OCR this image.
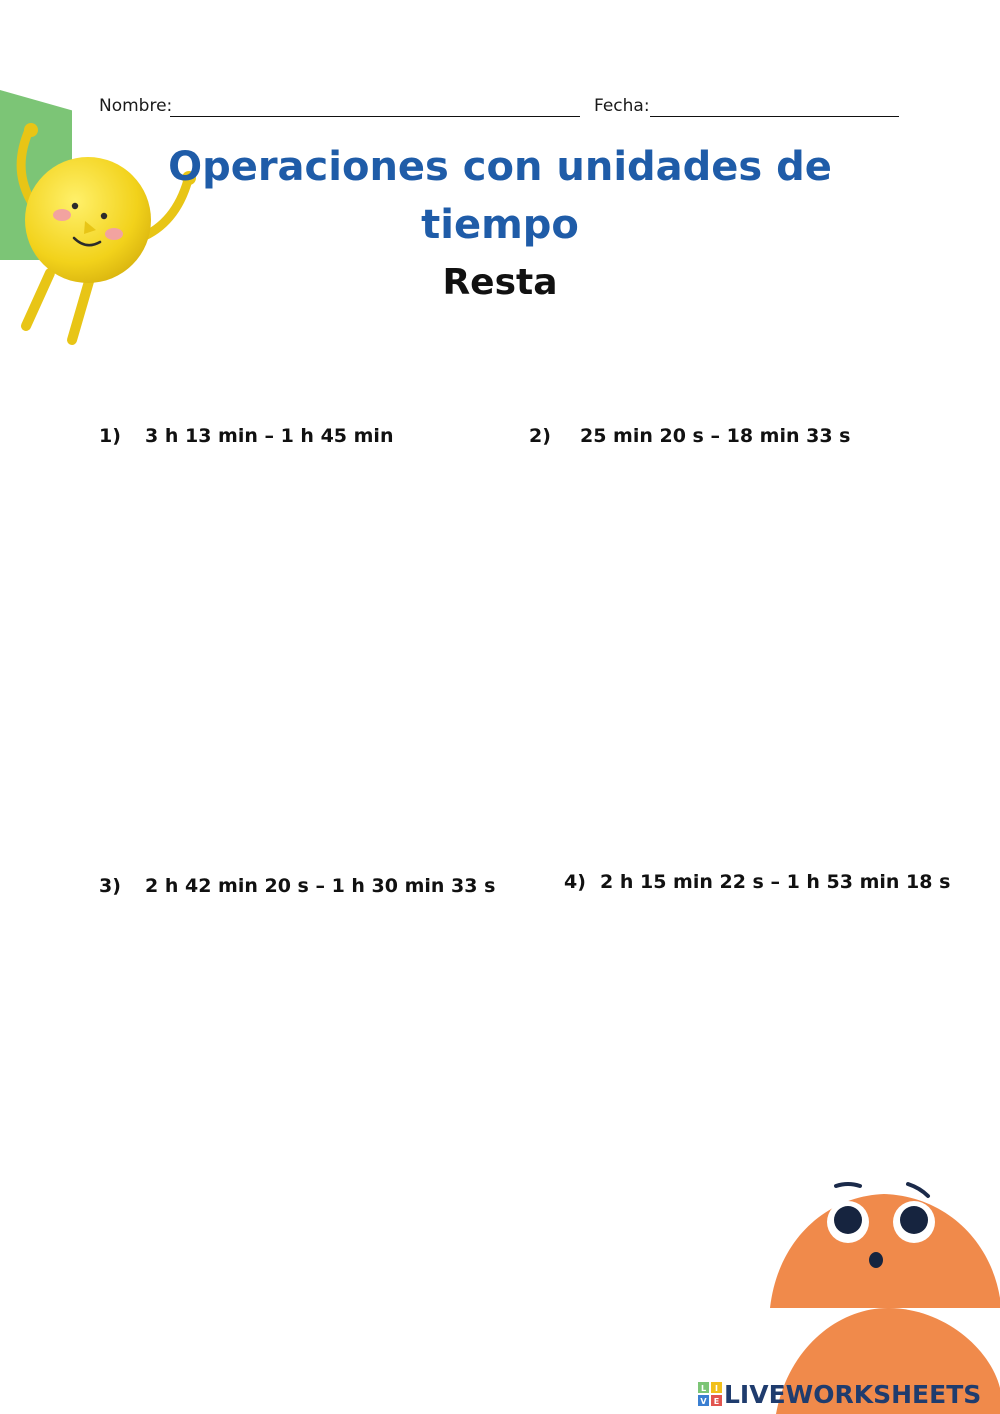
Nombre:	Fecha:
Operaciones con unidades de tiempo
Resta
1) 3 h 13 min – 1 h 45 min	2) 25 min 20 s – 18 min 33 s
3) 2 h 42 min 20 s – 1 h 30 min 33 s	4) 2 h 15 min 22 s – 1 h 53 min 18 s
L I
V E LIVEWORKSHEETS
